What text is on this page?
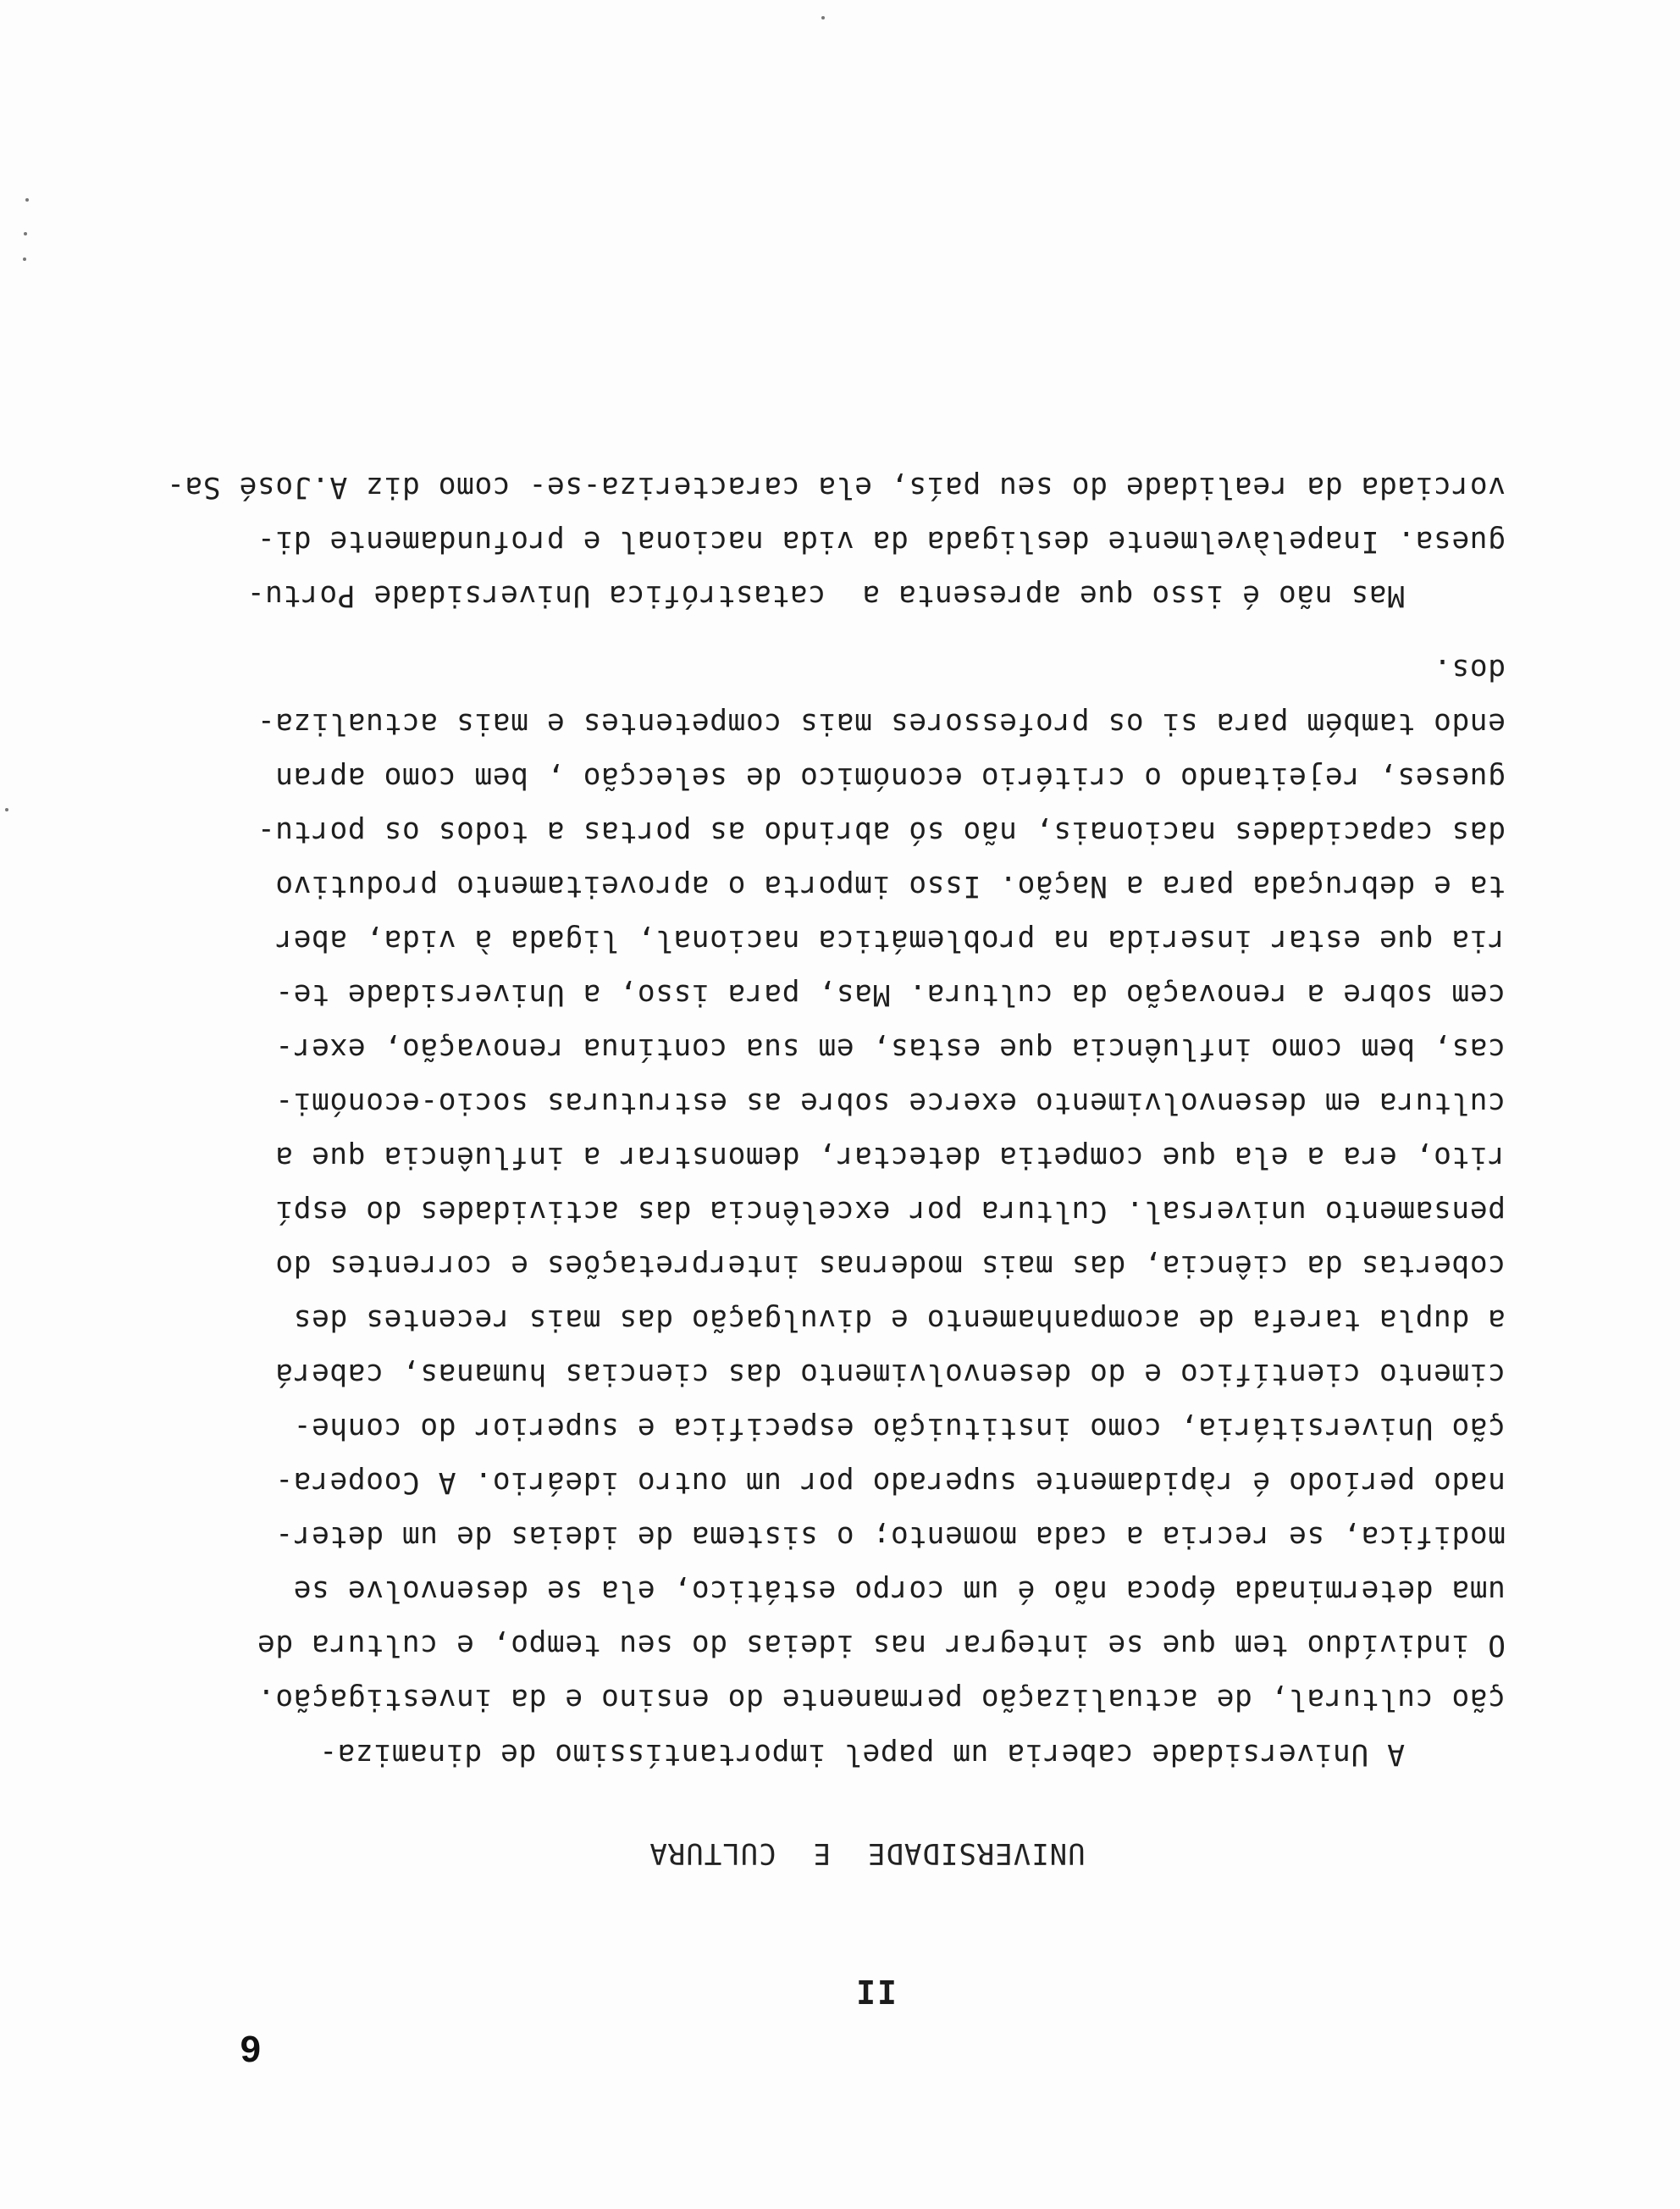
6
II
UNIVERSIDADE  E  CULTURA
A Universidade caberia um papel importantíssimo de dinamiza-
ção cultural, de actualização permanente do ensino e da investigação.
O indivíduo tem que se integrar nas ideias do seu tempo, e cultura de
uma determinada época não é um corpo estático, ela se desenvolve se
modifica, se recria a cada momento; o sistema de ideias de um deter-
nado período é ràpidamente superado por um outro ideário. A Coopera-
ção Universitária, como instituição especifica e superior do conhe-
cimento científico e do desenvolvimento das ciencias humanas, caberá
a dupla tarefa de acompanhamento e divulgação das mais recentes des
cobertas da ciência, das mais modernas interpretações e correntes do
pensamento universal. Cultura por excelência das actividades do espí
rito, era a ela que competia detectar, demonstrar a influência que a
cultura em desenvolvimento exerce sobre as estruturas socio-económi-
cas, bem como influência que estas, em sua contínua renovação, exer-
cem sobre a renovação da cultura. Mas, para isso, a Universidade te-
ria que estar inserida na problemática nacional, ligada à vida, aber
ta e debruçada para a Nação. Isso importa o aproveitamento produtivo
das capacidades nacionais, não só abrindo as portas a todos os portu-
gueses, rejeitando o critério económico de selecção , bem como apran
endo também para si os professores mais competentes e mais actualiza-
dos.
Mas não é isso que apresenta a  catastrófica Universidade Portu-
guesa. Inapelàvelmente desligada da vida nacional e profundamente di-
vorciada da realidade do seu país, ela caracteriza-se- como diz A.José Sa-
